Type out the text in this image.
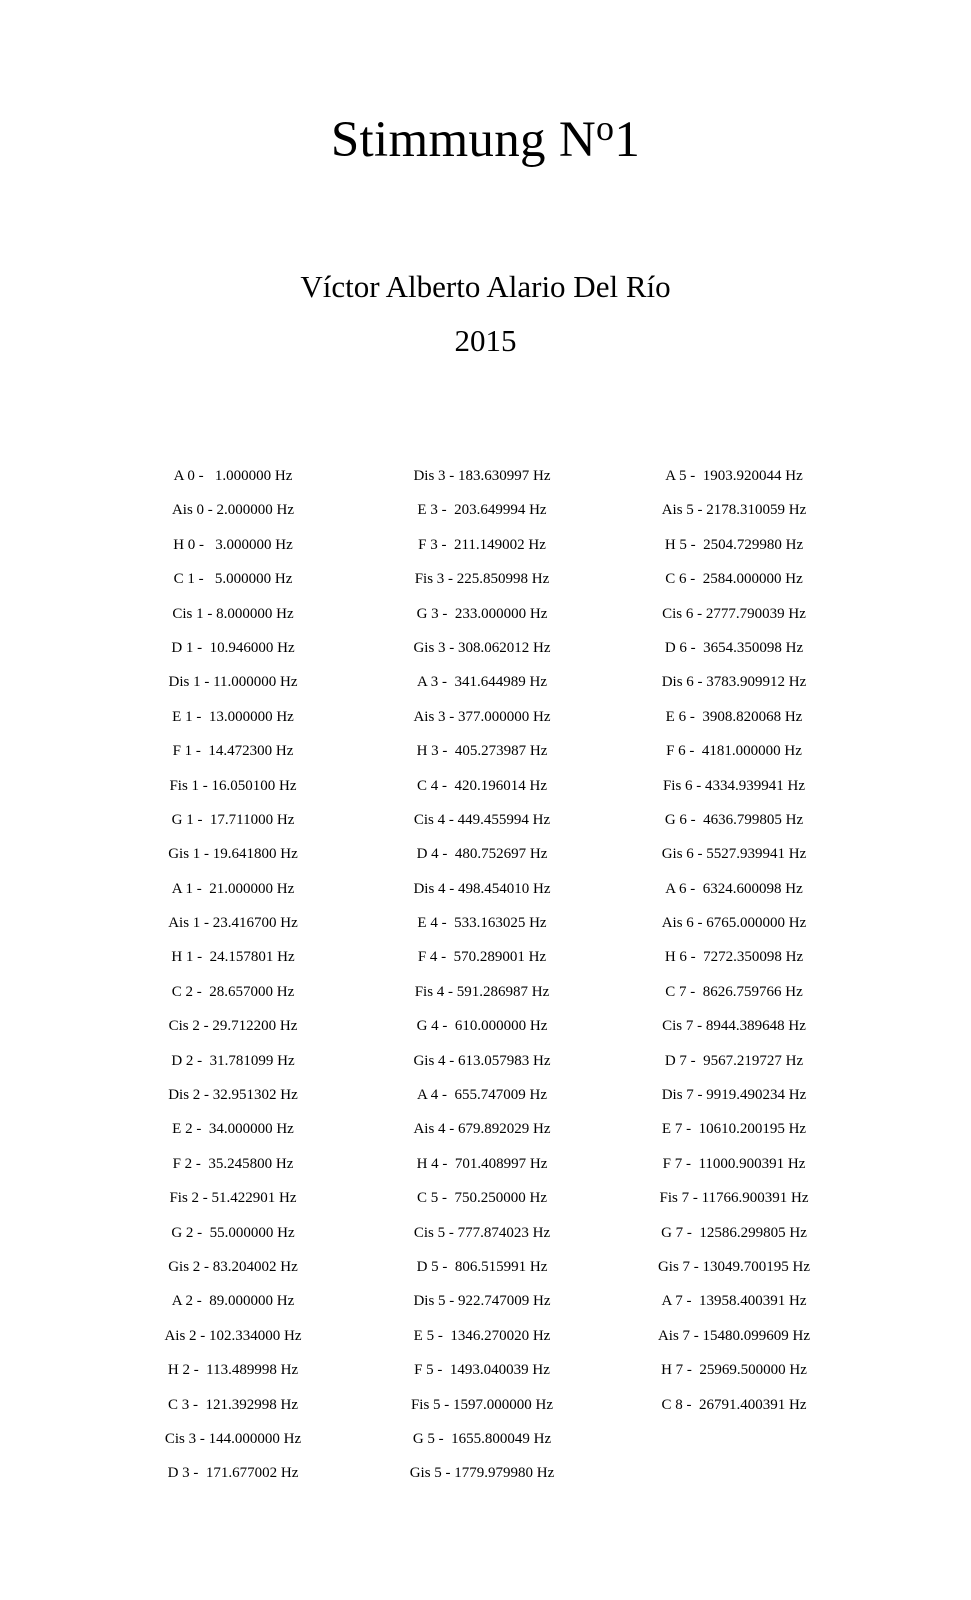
Stimmung $N^o1$
Víctor Alberto Alario Del Río
2015
A 0 -   1.000000 Hz
Ais 0 - 2.000000 Hz
H 0 -   3.000000 Hz
C 1 -   5.000000 Hz
Cis 1 - 8.000000 Hz
D 1 -  10.946000 Hz
Dis 1 - 11.000000 Hz
E 1 -  13.000000 Hz
F 1 -  14.472300 Hz
Fis 1 - 16.050100 Hz
G 1 -  17.711000 Hz
Gis 1 - 19.641800 Hz
A 1 -  21.000000 Hz
Ais 1 - 23.416700 Hz
H 1 -  24.157801 Hz
C 2 -  28.657000 Hz
Cis 2 - 29.712200 Hz
D 2 -  31.781099 Hz
Dis 2 - 32.951302 Hz
E 2 -  34.000000 Hz
F 2 -  35.245800 Hz
Fis 2 - 51.422901 Hz
G 2 -  55.000000 Hz
Gis 2 - 83.204002 Hz
A 2 -  89.000000 Hz
Ais 2 - 102.334000 Hz
H 2 -  113.489998 Hz
C 3 -  121.392998 Hz
Cis 3 - 144.000000 Hz
D 3 -  171.677002 Hz
Dis 3 - 183.630997 Hz
E 3 -  203.649994 Hz
F 3 -  211.149002 Hz
Fis 3 - 225.850998 Hz
G 3 -  233.000000 Hz
Gis 3 - 308.062012 Hz
A 3 -  341.644989 Hz
Ais 3 - 377.000000 Hz
H 3 -  405.273987 Hz
C 4 -  420.196014 Hz
Cis 4 - 449.455994 Hz
D 4 -  480.752697 Hz
Dis 4 - 498.454010 Hz
E 4 -  533.163025 Hz
F 4 -  570.289001 Hz
Fis 4 - 591.286987 Hz
G 4 -  610.000000 Hz
Gis 4 - 613.057983 Hz
A 4 -  655.747009 Hz
Ais 4 - 679.892029 Hz
H 4 -  701.408997 Hz
C 5 -  750.250000 Hz
Cis 5 - 777.874023 Hz
D 5 -  806.515991 Hz
Dis 5 - 922.747009 Hz
E 5 -  1346.270020 Hz
F 5 -  1493.040039 Hz
Fis 5 - 1597.000000 Hz
G 5 -  1655.800049 Hz
Gis 5 - 1779.979980 Hz
A 5 -  1903.920044 Hz
Ais 5 - 2178.310059 Hz
H 5 -  2504.729980 Hz
C 6 -  2584.000000 Hz
Cis 6 - 2777.790039 Hz
D 6 -  3654.350098 Hz
Dis 6 - 3783.909912 Hz
E 6 -  3908.820068 Hz
F 6 -  4181.000000 Hz
Fis 6 - 4334.939941 Hz
G 6 -  4636.799805 Hz
Gis 6 - 5527.939941 Hz
A 6 -  6324.600098 Hz
Ais 6 - 6765.000000 Hz
H 6 -  7272.350098 Hz
C 7 -  8626.759766 Hz
Cis 7 - 8944.389648 Hz
D 7 -  9567.219727 Hz
Dis 7 - 9919.490234 Hz
E 7 -  10610.200195 Hz
F 7 -  11000.900391 Hz
Fis 7 - 11766.900391 Hz
G 7 -  12586.299805 Hz
Gis 7 - 13049.700195 Hz
A 7 -  13958.400391 Hz
Ais 7 - 15480.099609 Hz
H 7 -  25969.500000 Hz
C 8 -  26791.400391 Hz
